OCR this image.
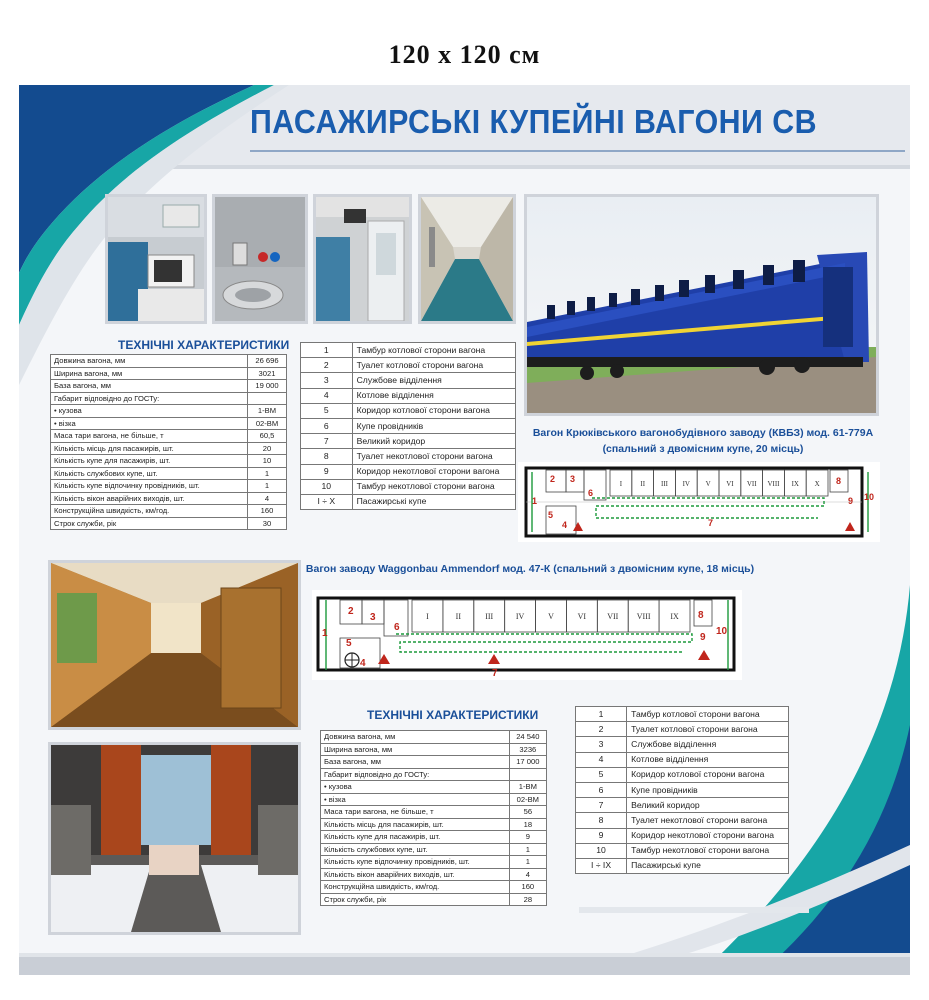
120 х 120 см
ПАСАЖИРСЬКІ КУПЕЙНІ ВАГОНИ СВ
ТЕХНІЧНІ ХАРАКТЕРИСТИКИ
Довжина вагона, мм	26 696
Ширина вагона, мм	3021
База вагона, мм	19 000
Габарит відповідно до ГОСТу:	
• кузова	1-ВМ
• візка	02-ВМ
Маса тари вагона, не більше, т	60,5
Кількість місць для пасажирів, шт.	20
Кількість купе для пасажирів, шт.	10
Кількість службових купе, шт.	1
Кількість купе відпочинку провідників, шт.	1
Кількість вікон аварійних виходів, шт.	4
Конструкційна швидкість, км/год.	160
Строк служби, рік	30
1	Тамбур котлової сторони вагона
2	Туалет котлової сторони вагона
3	Службове відділення
4	Котлове відділення
5	Коридор котлової сторони вагона
6	Купе провідників
7	Великий коридор
8	Туалет некотлової сторони вагона
9	Коридор некотлової сторони вагона
10	Тамбур некотлової сторони вагона
I ÷ X	Пасажирські купе
Вагон Крюківського вагонобудівного заводу (КВБЗ) мод. 61-779А
(спальний з двомісним купе, 20 місць)
I	II III IV V VI VII VIII IX X
2 3
6
5
4	7
8
9 10
1
Вагон заводу Waggonbau Ammendorf мод. 47-К (спальний з двомісним купе, 18 місць)
I	II	III	IV	V	VI	VII VIII IX
1
2
3
6
5
4
7
8
9
10
ТЕХНІЧНІ ХАРАКТЕРИСТИКИ
Довжина вагона, мм	24 540
Ширина вагона, мм	3236
База вагона, мм	17 000
Габарит відповідно до ГОСТу:	
• кузова	1-ВМ
• візка	02-ВМ
Маса тари вагона, не більше, т	56
Кількість місць для пасажирів, шт.	18
Кількість купе для пасажирів, шт.	9
Кількість службових купе, шт.	1
Кількість купе відпочинку провідників, шт.	1
Кількість вікон аварійних виходів, шт.	4
Конструкційна швидкість, км/год.	160
Строк служби, рік	28
1	Тамбур котлової сторони вагона
2	Туалет котлової сторони вагона
3	Службове відділення
4	Котлове відділення
5	Коридор котлової сторони вагона
6	Купе провідників
7	Великий коридор
8	Туалет некотлової сторони вагона
9	Коридор некотлової сторони вагона
10	Тамбур некотлової сторони вагона
I ÷ IX	Пасажирські купе
